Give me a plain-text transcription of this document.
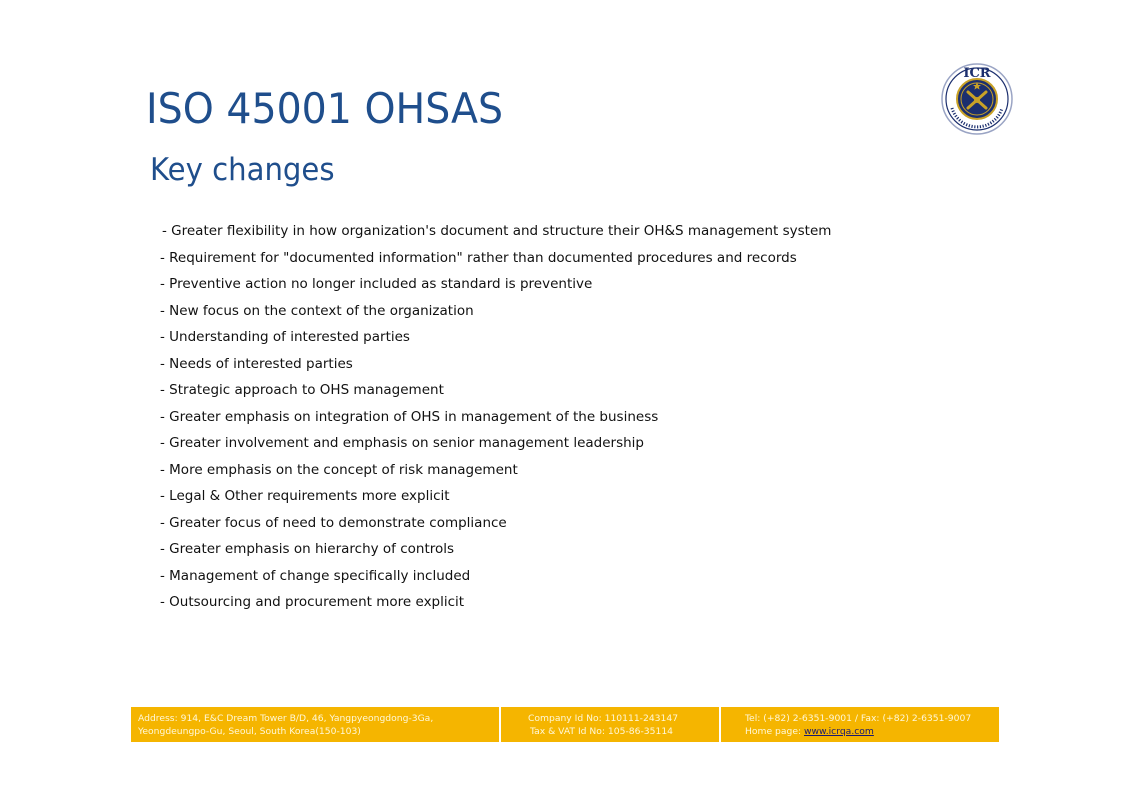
ISO 45001 OHSAS
Key changes
ICR
- Greater flexibility in how organization's document and structure their OH&S management system
- Requirement for "documented information" rather than documented procedures and records
- Preventive action no longer included as standard is preventive
- New focus on the context of the organization
- Understanding of interested parties
- Needs of interested parties
- Strategic approach to OHS management
- Greater emphasis on integration of OHS in management of the business
- Greater involvement and emphasis on senior management leadership
- More emphasis on the concept of risk management
- Legal & Other requirements more explicit
- Greater focus of need to demonstrate compliance
- Greater emphasis on hierarchy of controls
- Management of change specifically included
- Outsourcing and procurement more explicit
Address: 914, E&C Dream Tower B/D, 46, Yangpyeongdong-3Ga,
Yeongdeungpo-Gu, Seoul, South Korea(150-103)
Company Id No: 110111-243147
Tax & VAT Id No: 105-86-35114
Tel: (+82) 2-6351-9001 / Fax: (+82) 2-6351-9007
Home page: www.icrqa.com
